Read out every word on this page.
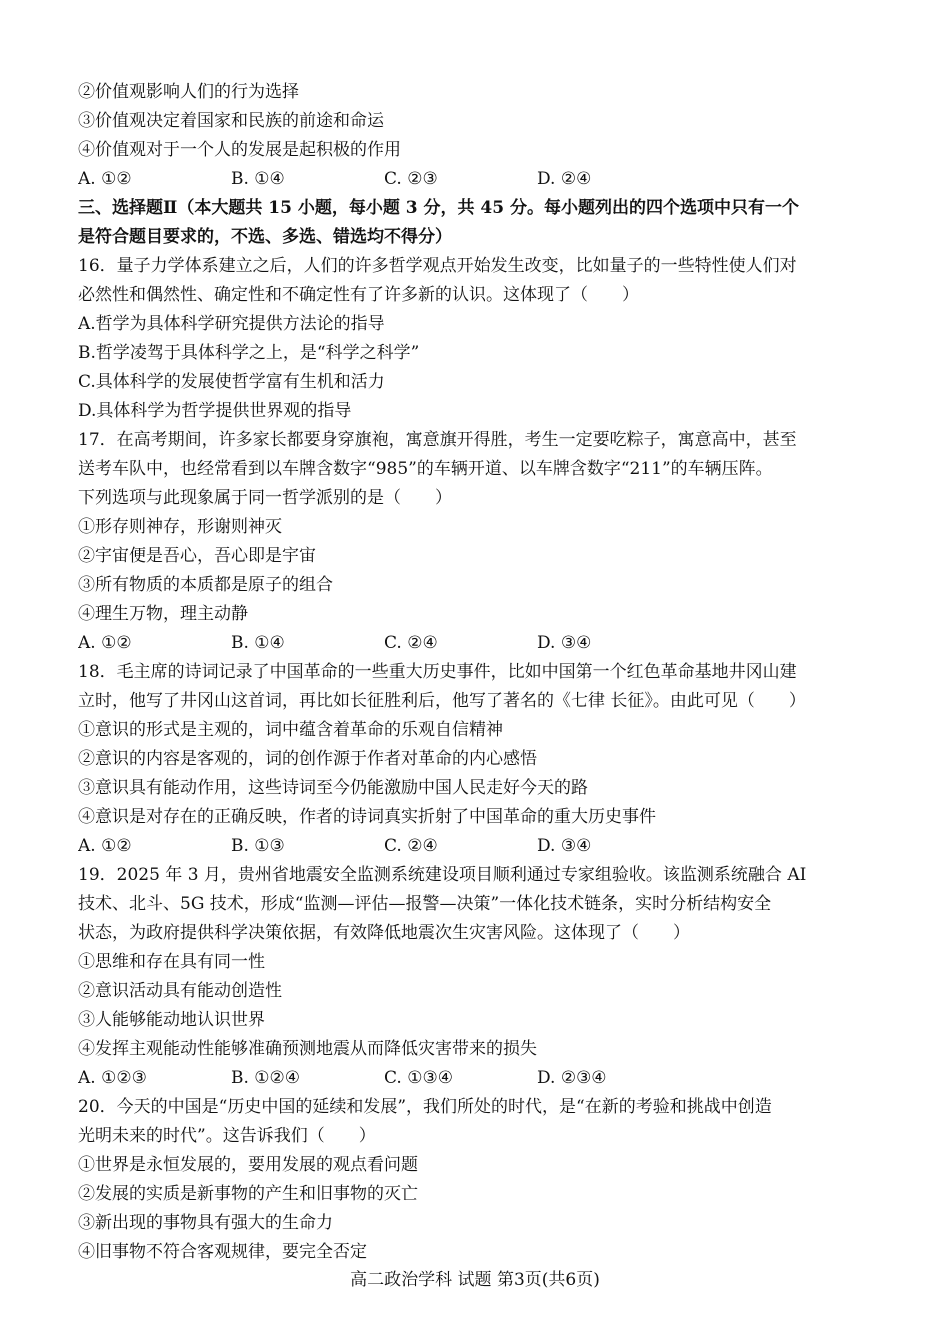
②价值观影响人们的行为选择
③价值观决定着国家和民族的前途和命运
④价值观对于一个人的发展是起积极的作用
A. ①②	B. ①④	C. ②③	D. ②④
三、选择题Ⅱ（本大题共 15 小题，每小题 3 分，共 45 分。每小题列出的四个选项中只有一个
是符合题目要求的，不选、多选、错选均不得分）
16．量子力学体系建立之后，人们的许多哲学观点开始发生改变，比如量子的一些特性使人们对
必然性和偶然性、确定性和不确定性有了许多新的认识。这体现了（　　）
A.哲学为具体科学研究提供方法论的指导
B.哲学凌驾于具体科学之上，是“科学之科学”
C.具体科学的发展使哲学富有生机和活力
D.具体科学为哲学提供世界观的指导
17．在高考期间，许多家长都要身穿旗袍，寓意旗开得胜，考生一定要吃粽子，寓意高中，甚至
送考车队中，也经常看到以车牌含数字“985”的车辆开道、以车牌含数字“211”的车辆压阵。
下列选项与此现象属于同一哲学派别的是（　　）
①形存则神存，形谢则神灭
②宇宙便是吾心，吾心即是宇宙
③所有物质的本质都是原子的组合
④理生万物，理主动静
A. ①②	B. ①④	C. ②④	D. ③④
18．毛主席的诗词记录了中国革命的一些重大历史事件，比如中国第一个红色革命基地井冈山建
立时，他写了井冈山这首词，再比如长征胜利后，他写了著名的《七律 长征》。由此可见（　　）
①意识的形式是主观的，词中蕴含着革命的乐观自信精神
②意识的内容是客观的，词的创作源于作者对革命的内心感悟
③意识具有能动作用，这些诗词至今仍能激励中国人民走好今天的路
④意识是对存在的正确反映，作者的诗词真实折射了中国革命的重大历史事件
A. ①②	B. ①③	C. ②④	D. ③④
19．2025 年 3 月，贵州省地震安全监测系统建设项目顺利通过专家组验收。该监测系统融合 AI
技术、北斗、5G 技术，形成“监测—评估—报警—决策”一体化技术链条，实时分析结构安全
状态，为政府提供科学决策依据，有效降低地震次生灾害风险。这体现了（　　）
①思维和存在具有同一性
②意识活动具有能动创造性
③人能够能动地认识世界
④发挥主观能动性能够准确预测地震从而降低灾害带来的损失
A. ①②③	B. ①②④	C. ①③④	D. ②③④
20．今天的中国是“历史中国的延续和发展”，我们所处的时代，是“在新的考验和挑战中创造
光明未来的时代”。这告诉我们（　　）
①世界是永恒发展的，要用发展的观点看问题
②发展的实质是新事物的产生和旧事物的灭亡
③新出现的事物具有强大的生命力
④旧事物不符合客观规律，要完全否定
高二政治学科 试题 第3页(共6页)
